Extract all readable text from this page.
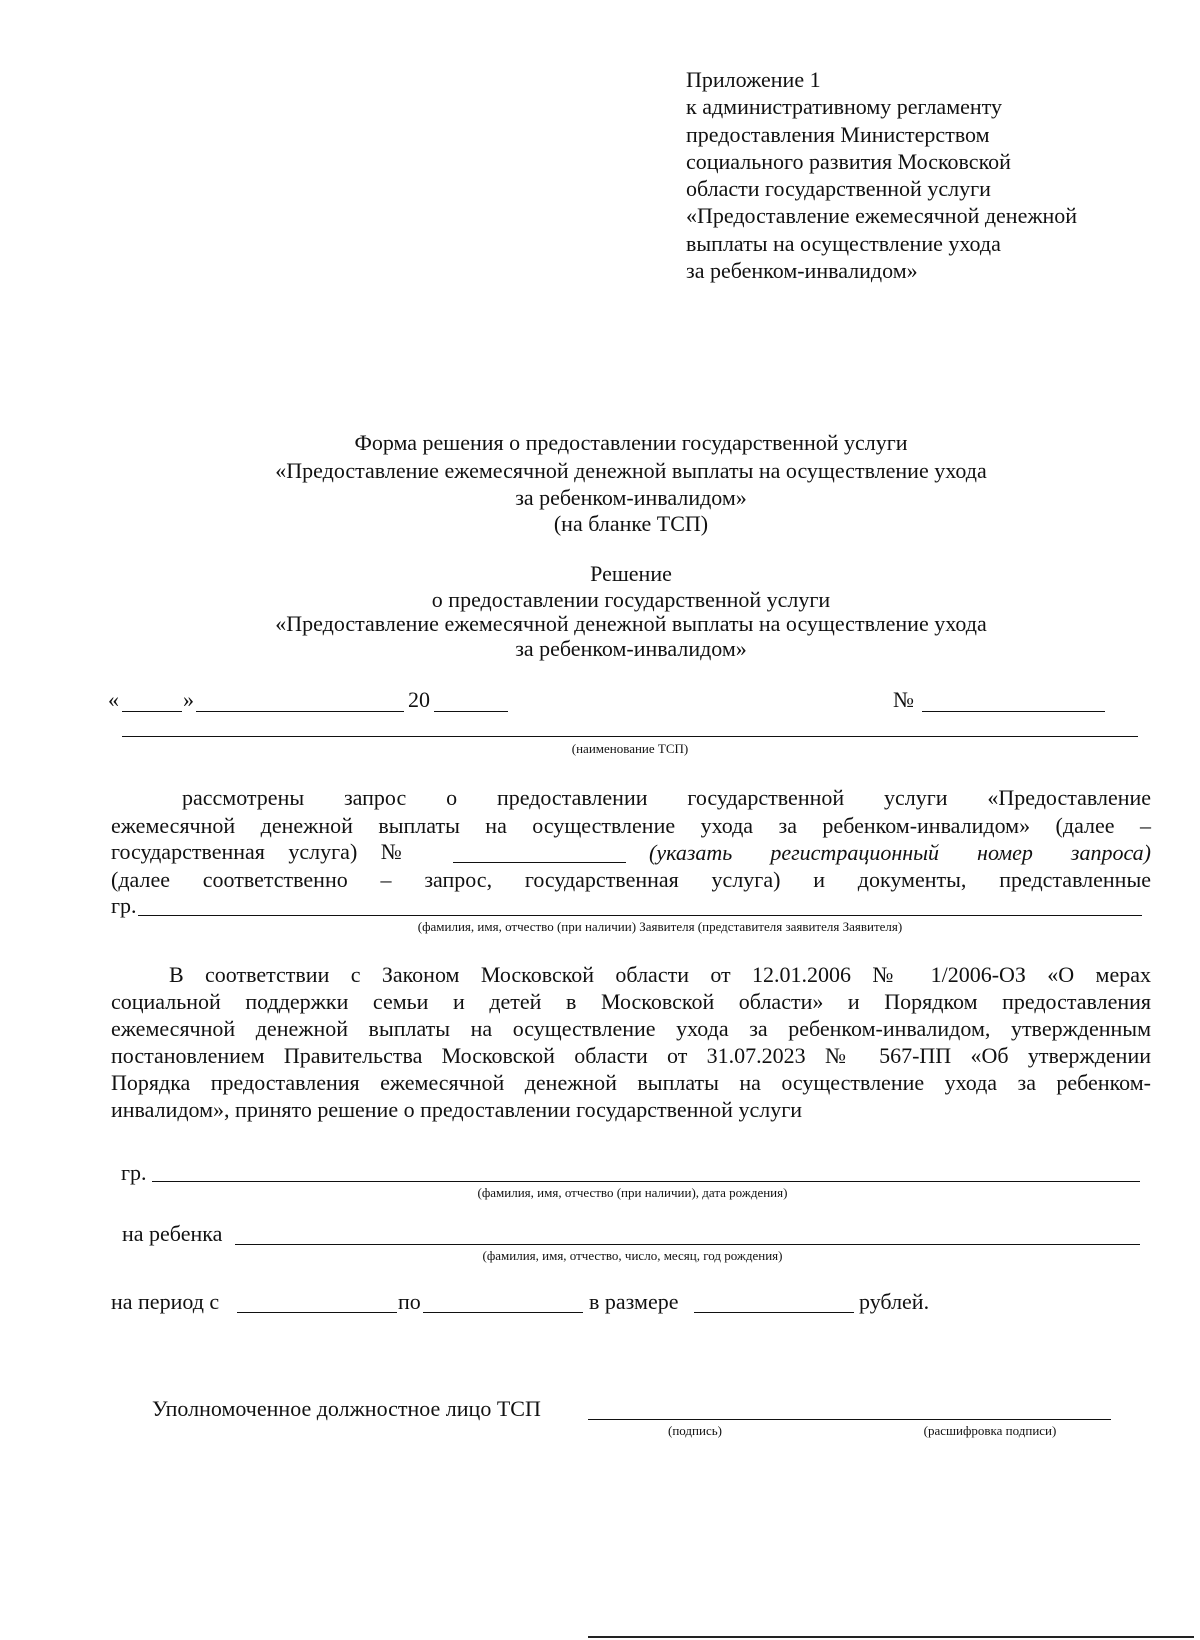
Приложение 1
к административному регламенту
предоставления Министерством
социального развития Московской
области государственной услуги
«Предоставление ежемесячной денежной
выплаты на осуществление ухода
за ребенком-инвалидом»
Форма решения о предоставлении государственной услуги
«Предоставление ежемесячной денежной выплаты на осуществление ухода
за ребенком-инвалидом»
(на бланке ТСП)
Решение
о предоставлении государственной услуги
«Предоставление ежемесячной денежной выплаты на осуществление ухода
за ребенком-инвалидом»
«	»	20	№
(наименование ТСП)
рассмотрены запрос о предоставлении государственной услуги «Предоставление
ежемесячной денежной выплаты на осуществление ухода за ребенком-инвалидом» (далее –
государственная услуга) №	(указать регистрационный номер запроса)
(далее соответственно – запрос, государственная услуга) и документы, представленные
гр.
(фамилия, имя, отчество (при наличии) Заявителя (представителя заявителя Заявителя)
В соответствии с Законом Московской области от 12.01.2006 № 1/2006-ОЗ «О мерах
социальной поддержки семьи и детей в Московской области» и Порядком предоставления
ежемесячной денежной выплаты на осуществление ухода за ребенком-инвалидом, утвержденным
постановлением Правительства Московской области от 31.07.2023 № 567-ПП «Об утверждении
Порядка предоставления ежемесячной денежной выплаты на осуществление ухода за ребенком-
инвалидом», принято решение о предоставлении государственной услуги
гр.
(фамилия, имя, отчество (при наличии), дата рождения)
на ребенка
(фамилия, имя, отчество, число, месяц, год рождения)
на период с	по	в размере	рублей.
Уполномоченное должностное лицо ТСП
(подпись)	(расшифровка подписи)
